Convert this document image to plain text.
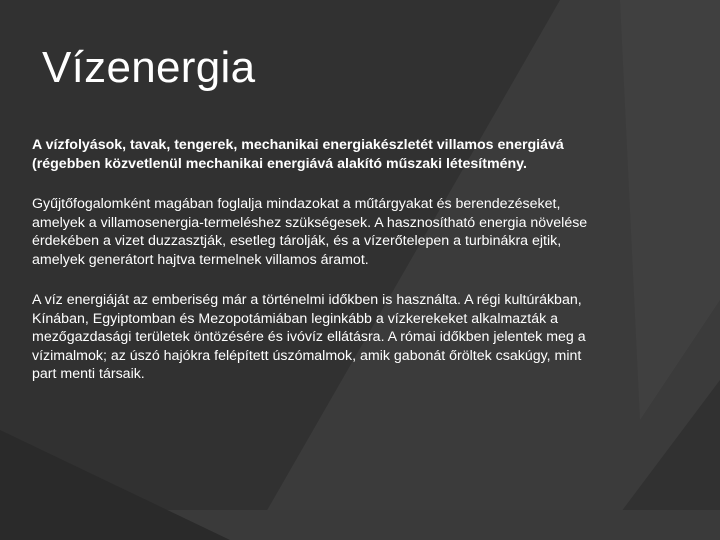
Vízenergia

A vízfolyások, tavak, tengerek, mechanikai energiakészletét villamos energiává (régebben közvetlenül mechanikai energiává alakító műszaki létesítmény.

Gyűjtőfogalomként magában foglalja mindazokat a műtárgyakat és berendezéseket, amelyek a villamosenergia-termeléshez szükségesek. A hasznosítható energia növelése érdekében a vizet duzzasztják, esetleg tárolják, és a vízerőtelepen a turbinákra ejtik, amelyek generátort hajtva termelnek villamos áramot.

A víz energiáját az emberiség már a történelmi időkben is használta. A régi kultúrákban, Kínában, Egyiptomban és Mezopotámiában leginkább a vízkerekeket alkalmazták a mezőgazdasági területek öntözésére és ivóvíz ellátásra. A római időkben jelentek meg a vízimalmok; az úszó hajókra felépített úszómalmok, amik gabonát őröltek csakúgy, mint part menti társaik.
